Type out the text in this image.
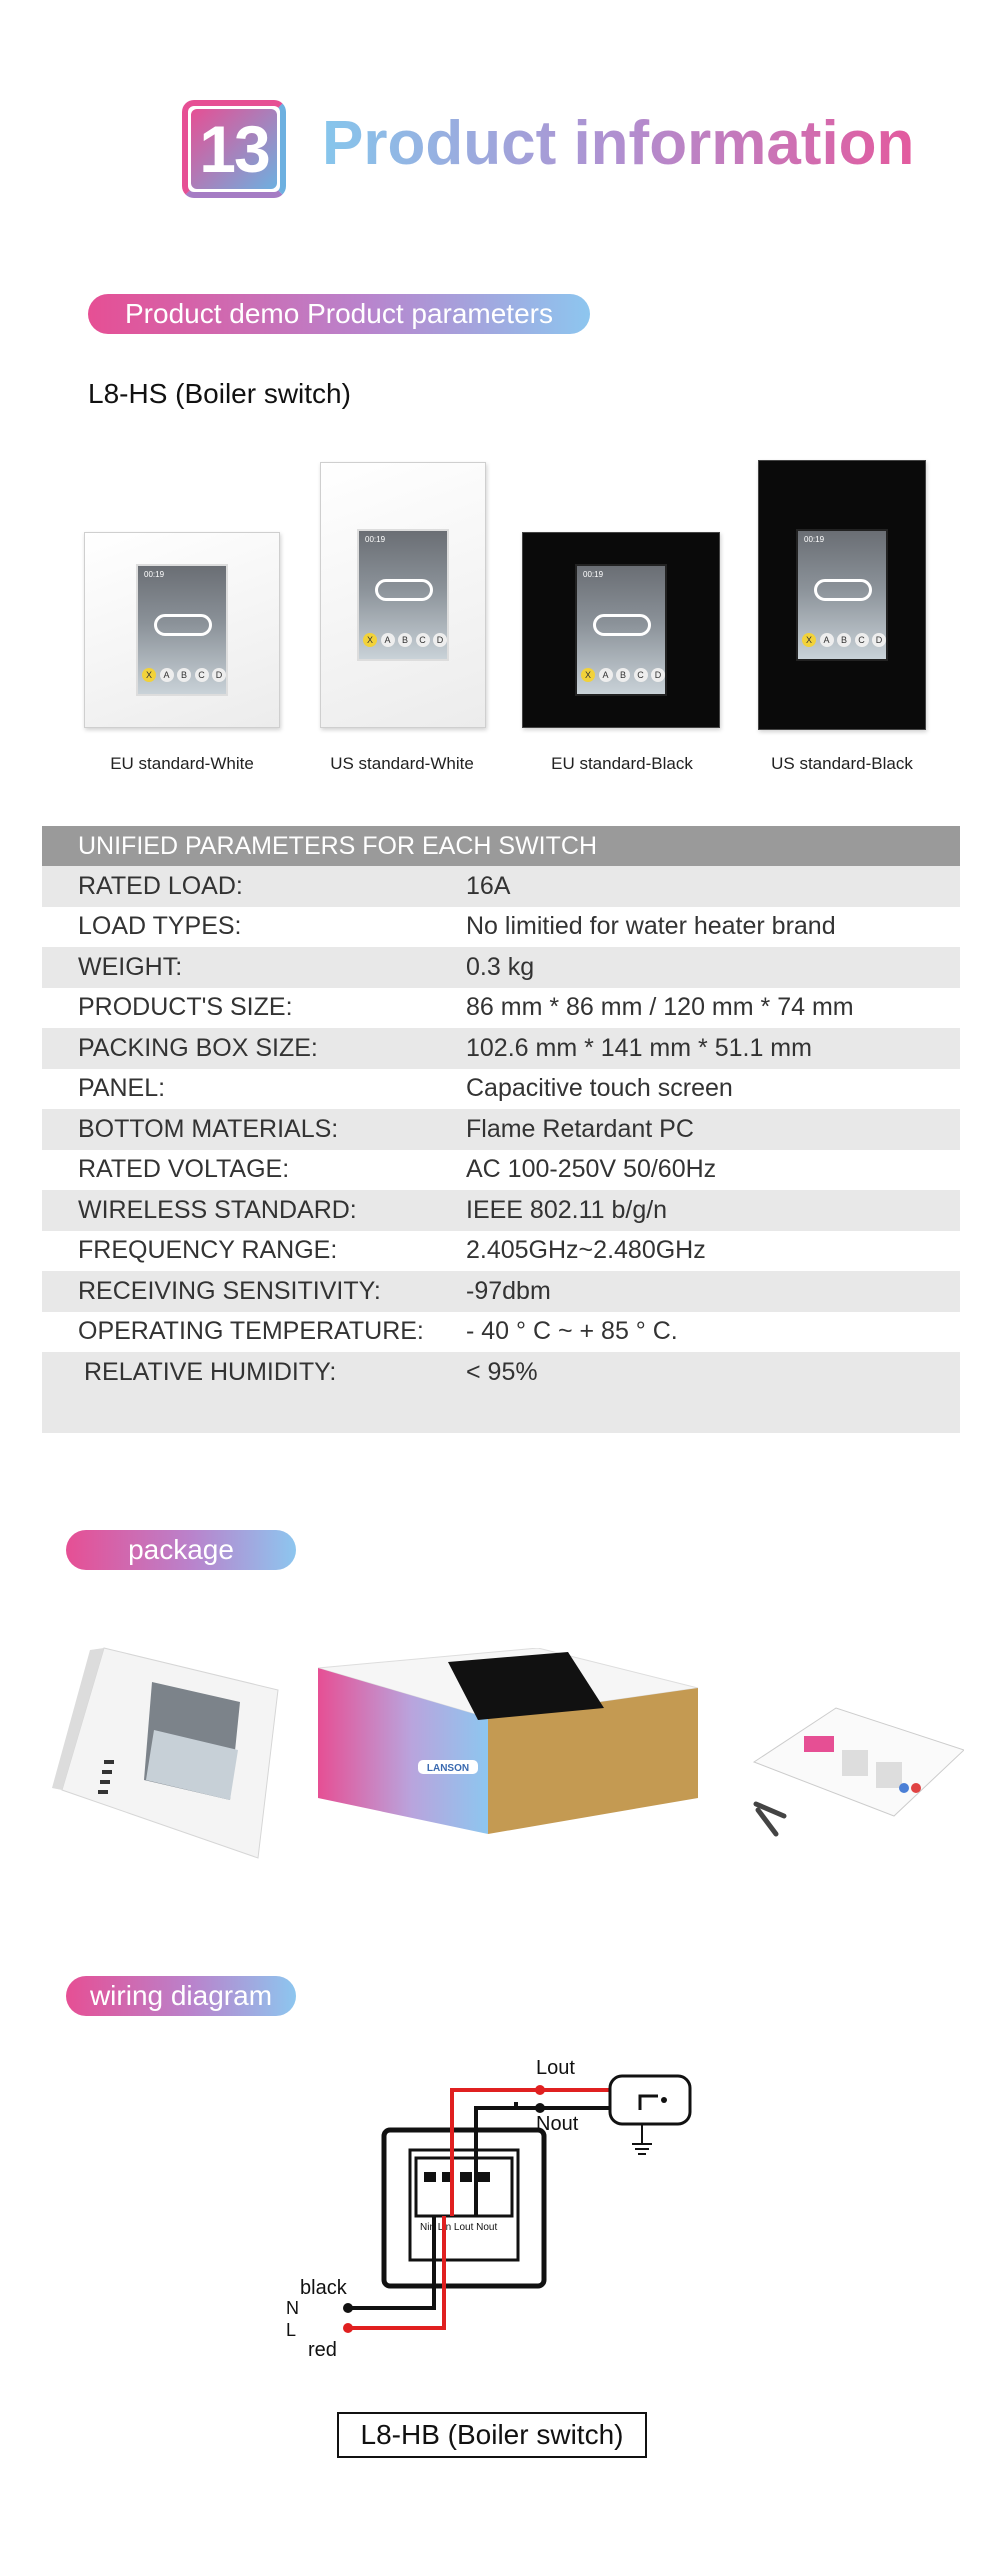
13 Product information
Product demo Product parameters
L8-HS (Boiler switch)
00:19
X	A	B	C	D
00:19
X	A	B	C	D
00:19
X	A	B	C	D
00:19
X	A	B	C	D
EU standard-White	US standard-White	EU standard-Black	US standard-Black
UNIFIED PARAMETERS FOR EACH SWITCH
RATED LOAD:	16A
LOAD TYPES:	No limitied for water heater brand
WEIGHT:	0.3 kg
PRODUCT'S SIZE:	86 mm * 86 mm / 120 mm * 74 mm
PACKING BOX SIZE:	102.6 mm * 141 mm * 51.1 mm
PANEL:	Capacitive touch screen
BOTTOM MATERIALS:	Flame Retardant PC
RATED VOLTAGE:	AC 100-250V 50/60Hz
WIRELESS STANDARD:	IEEE 802.11 b/g/n
FREQUENCY RANGE:	2.405GHz~2.480GHz
RECEIVING SENSITIVITY:	-97dbm
OPERATING TEMPERATURE:	- 40 ° C ~ + 85 ° C.
RELATIVE HUMIDITY:	< 95%
package
LANSON
wiring diagram
Nin Lin Lout Nout
Lout
Nout
black
N
L
red
L8-HB (Boiler switch)
